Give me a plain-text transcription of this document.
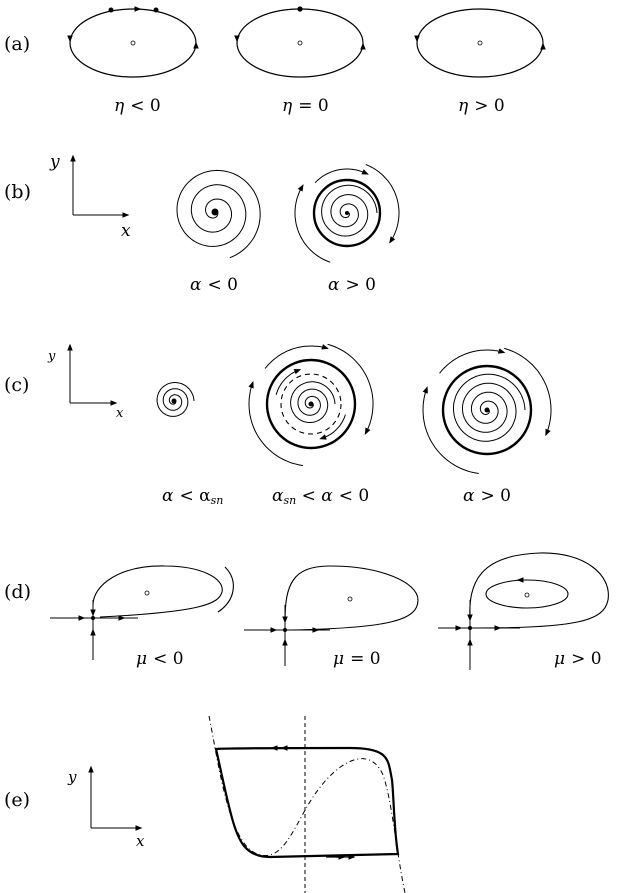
(a)
η < 0	η = 0	η > 0
(b)
y
x
α < 0	α > 0
(c)
y
x
α < αsn	αsn < α < 0	α > 0
(d)
μ < 0	μ = 0	μ > 0
(e)
y
x
